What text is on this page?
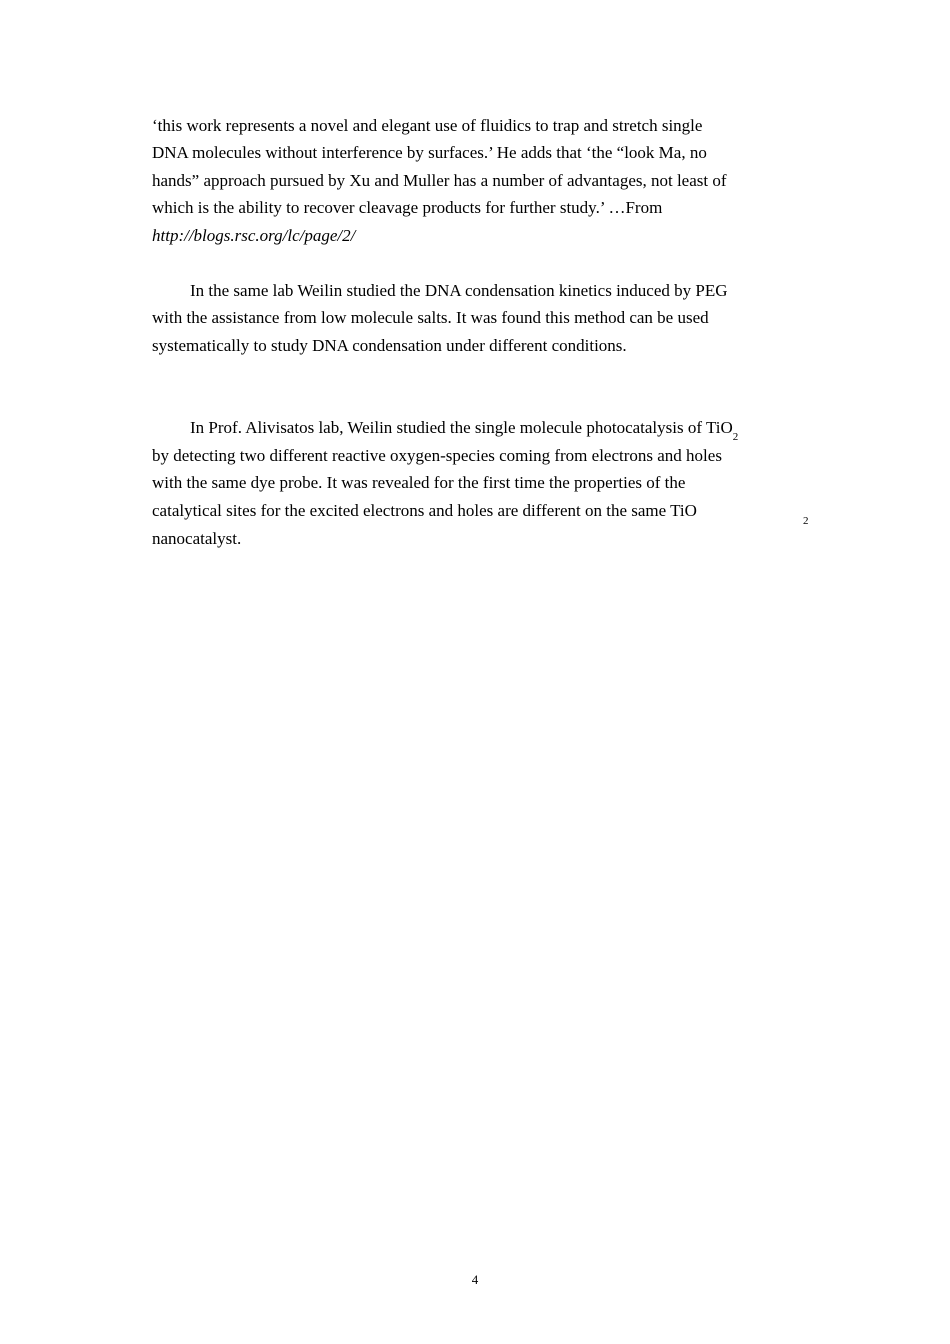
‘this work represents a novel and elegant use of fluidics to trap and stretch single
DNA molecules without interference by surfaces.’ He adds that ‘the “look Ma, no
hands” approach pursued by Xu and Muller has a number of advantages, not least of
which is the ability to recover cleavage products for further study.’ …From
http://blogs.rsc.org/lc/page/2/
In the same lab Weilin studied the DNA condensation kinetics induced by PEG
with the assistance from low molecule salts. It was found this method can be used
systematically to study DNA condensation under different conditions.
In Prof. Alivisatos lab, Weilin studied the single molecule photocatalysis of TiO$_2$
by detecting two different reactive oxygen-species coming from electrons and holes
with the same dye probe. It was revealed for the first time the properties of the
catalytical sites for the excited electrons and holes are different on the same TiO
2
nanocatalyst.
4
